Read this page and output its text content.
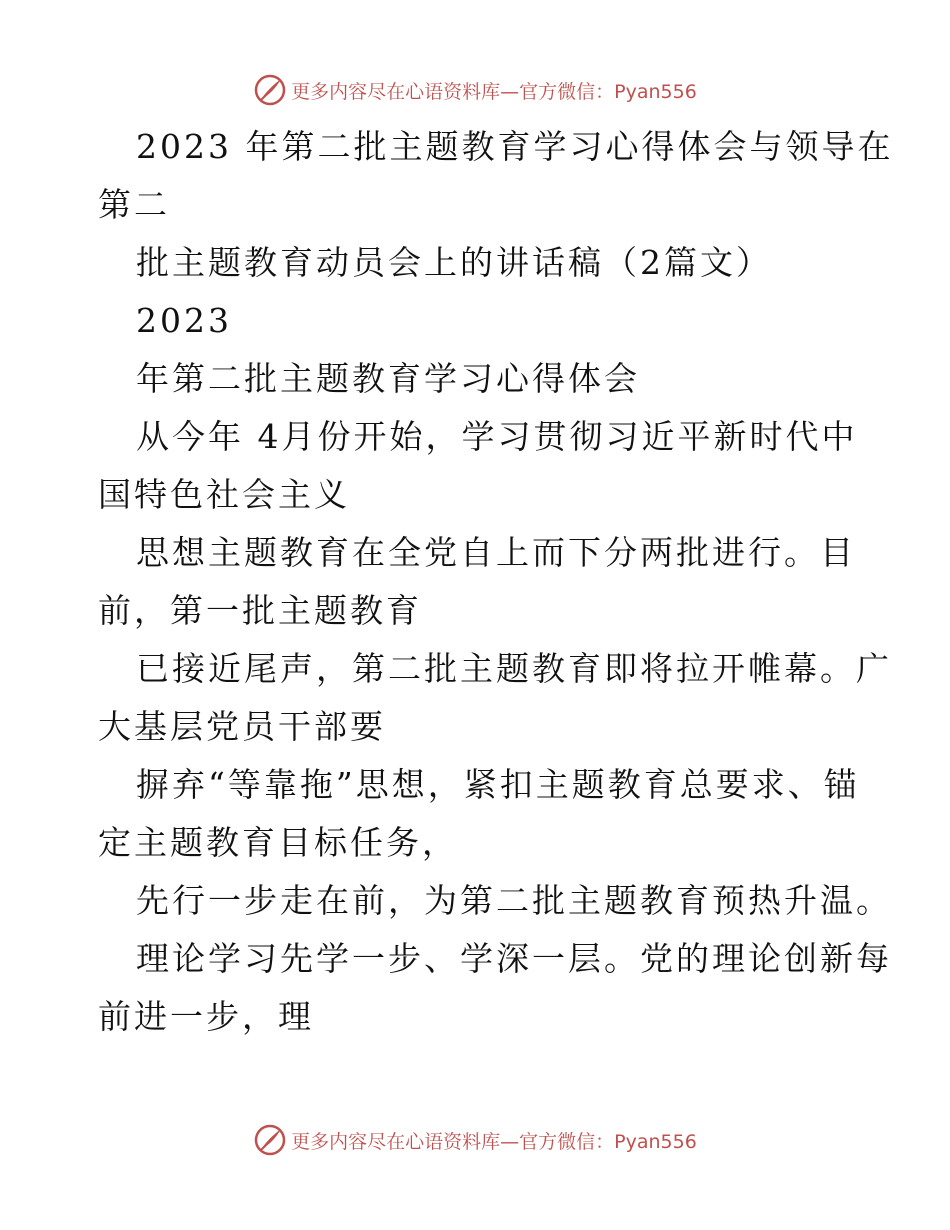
更多内容尽在心语资料库—官方微信：Pyan556

2023 年第二批主题教育学习心得体会与领导在

第二

批主题教育动员会上的讲话稿（2篇文）

2023

年第二批主题教育学习心得体会

从今年 4月份开始，学习贯彻习近平新时代中

国特色社会主义

思想主题教育在全党自上而下分两批进行。目

前，第一批主题教育

已接近尾声，第二批主题教育即将拉开帷幕。广

大基层党员干部要

摒弃“等靠拖”思想，紧扣主题教育总要求、锚

定主题教育目标任务，

先行一步走在前，为第二批主题教育预热升温。

理论学习先学一步、学深一层。党的理论创新每

前进一步，理

更多内容尽在心语资料库—官方微信：Pyan556
